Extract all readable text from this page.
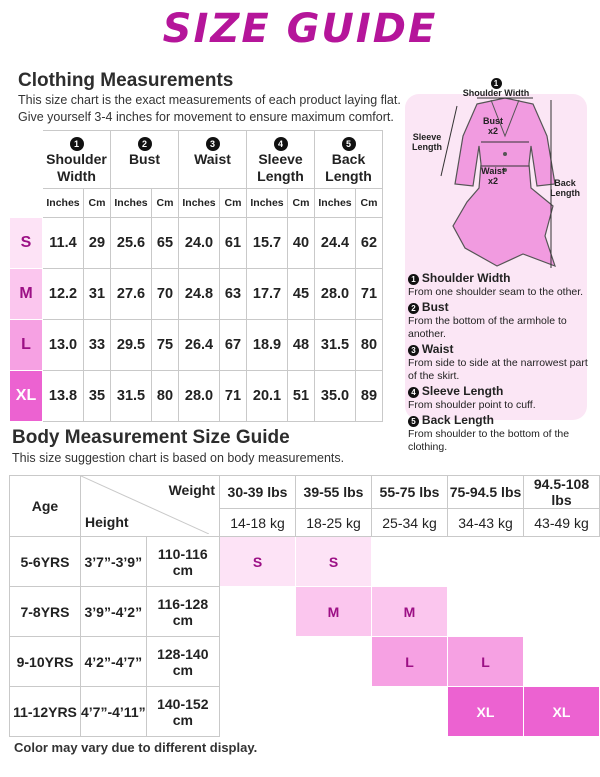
SIZE GUIDE
Clothing Measurements
This size chart is the exact measurements of each product laying flat.
Give yourself 3-4 inches for movement to ensure maximum comfort.
	1
Shoulder
Width		2
Bust		3
Waist		4
Sleeve
Length		5
Back
Length	
	Inches	Cm	Inches	Cm	Inches	Cm	Inches	Cm	Inches	Cm
S	11.4	29	25.6	65	24.0	61	15.7	40	24.4	62
M	12.2	31	27.6	70	24.8	63	17.7	45	28.0	71
L	13.0	33	29.5	75	26.4	67	18.9	48	31.5	80
XL	13.8	35	31.5	80	28.0	71	20.1	51	35.0	89
1
Shoulder Width
Bust x2
Waist x2
Sleeve Length
Back Length
1 Shoulder Width
From one shoulder seam to the other.
2 Bust
From the bottom of the armhole to another.
3 Waist
From side to side at the narrowest part of the skirt.
4 Sleeve Length
From shoulder point to cuff.
5 Back Length
From shoulder to the bottom of the clothing.
Body Measurement Size Guide
This size suggestion chart is based on body measurements.
Age	Weight
Height		30-39 lbs	39-55 lbs	55-75 lbs	75-94.5 lbs	94.5-108 lbs
			14-18 kg	18-25 kg	25-34 kg	34-43 kg	43-49 kg
5-6YRS	3’7”-3’9”	110-116 cm	S	S			
7-8YRS	3’9”-4’2”	116-128 cm		M	M		
9-10YRS	4’2”-4’7”	128-140 cm			L	L	
11-12YRS	4’7”-4’11”	140-152 cm				XL	XL
Color may vary due to different display.
